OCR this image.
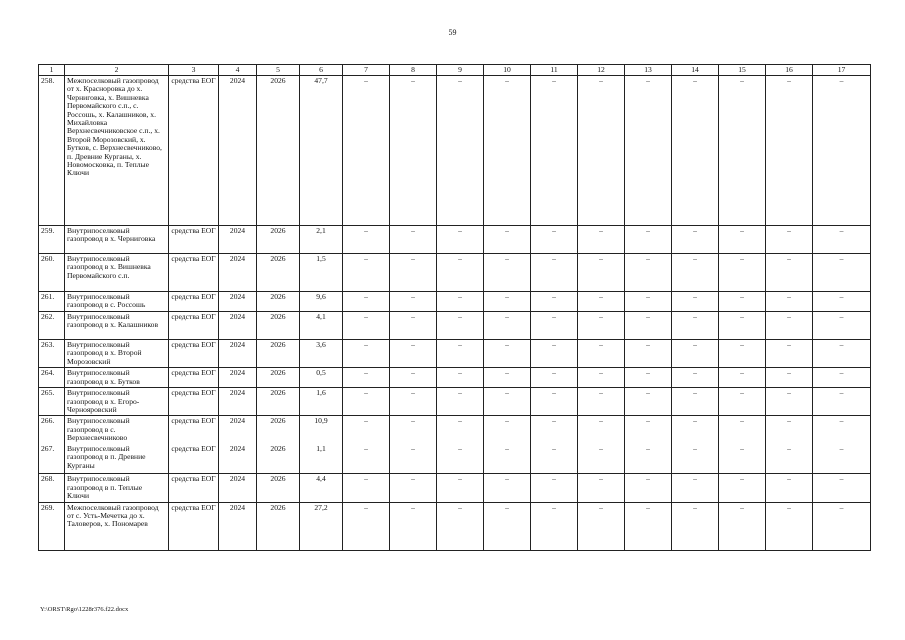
59
1	2	3	4	5	6	7	8	9	10	11	12	13	14	15	16	17
258.	Межпоселковый газопровод от х. Красноровка до х. Черниговка, х. Вишневка Первомайского с.п., с. Россошь, х. Калашников, х. Михайловка Верхнесвечниковское с.п., х. Второй Морозовский, х. Бутков, с. Верхнесвечниково, п. Древние Курганы, х. Новомосковка, п. Теплые Ключи	средства ЕОГ	2024	2026	47,7	–	–	–	–	–	–	–	–	–	–	–
259.	Внутрипоселковый газопровод в х. Черниговка	средства ЕОГ	2024	2026	2,1	–	–	–	–	–	–	–	–	–	–	–
260.	Внутрипоселковый газопровод в х. Вишневка Первомайского с.п.	средства ЕОГ	2024	2026	1,5	–	–	–	–	–	–	–	–	–	–	–
261.	Внутрипоселковый газопровод в с. Россошь	средства ЕОГ	2024	2026	9,6	–	–	–	–	–	–	–	–	–	–	–
262.	Внутрипоселковый газопровод в х. Калашников	средства ЕОГ	2024	2026	4,1	–	–	–	–	–	–	–	–	–	–	–
263.	Внутрипоселковый газопровод в х. Второй Морозовский	средства ЕОГ	2024	2026	3,6	–	–	–	–	–	–	–	–	–	–	–
264.	Внутрипоселковый газопровод в х. Бутков	средства ЕОГ	2024	2026	0,5	–	–	–	–	–	–	–	–	–	–	–
265.	Внутрипоселковый газопровод в х. Егоро-Чернояровский	средства ЕОГ	2024	2026	1,6	–	–	–	–	–	–	–	–	–	–	–
266.	Внутрипоселковый газопровод в с. Верхнесвечниково	средства ЕОГ	2024	2026	10,9	–	–	–	–	–	–	–	–	–	–	–
267.	Внутрипоселковый газопровод в п. Древние Курганы	средства ЕОГ	2024	2026	1,1	–	–	–	–	–	–	–	–	–	–	–
268.	Внутрипоселковый газопровод в п. Теплые Ключи	средства ЕОГ	2024	2026	4,4	–	–	–	–	–	–	–	–	–	–	–
269.	Межпоселковый газопровод от с. Усть-Мечетка до х. Таловеров, х. Пономарев	средства ЕОГ	2024	2026	27,2	–	–	–	–	–	–	–	–	–	–	–
Y:\ORST\Rgo\1228r376.f22.docx
